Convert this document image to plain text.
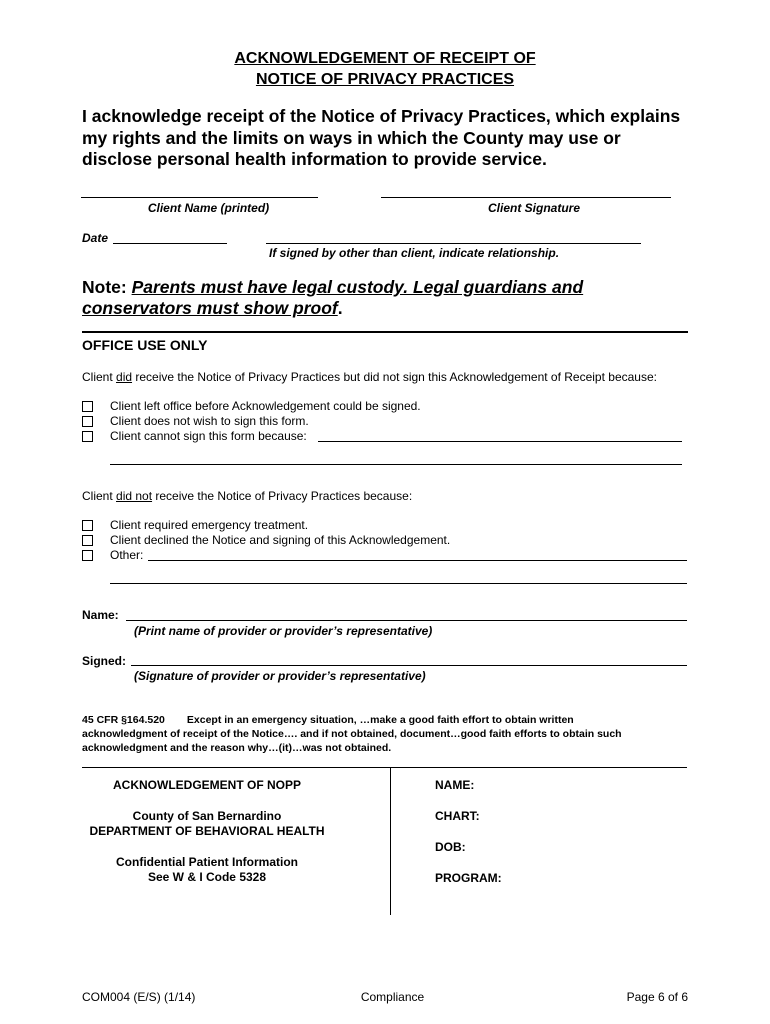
ACKNOWLEDGEMENT OF RECEIPT OF
NOTICE OF PRIVACY PRACTICES
I acknowledge receipt of the Notice of Privacy Practices, which explains
my rights and the limits on ways in which the County may use or
disclose personal health information to provide service.
Client Name (printed)	Client Signature
Date
If signed by other than client, indicate relationship.
Note: Parents must have legal custody. Legal guardians and
conservators must show proof.
OFFICE USE ONLY
Client did receive the Notice of Privacy Practices but did not sign this Acknowledgement of Receipt because:
Client left office before Acknowledgement could be signed.
Client does not wish to sign this form.
Client cannot sign this form because:
Client did not receive the Notice of Privacy Practices because:
Client required emergency treatment.
Client declined the Notice and signing of this Acknowledgement.
Other:
Name:
(Print name of provider or provider’s representative)
Signed:
(Signature of provider or provider’s representative)
45 CFR §164.520 Except in an emergency situation, …make a good faith effort to obtain written
acknowledgment of receipt of the Notice…. and if not obtained, document…good faith efforts to obtain such
acknowledgment and the reason why…(it)…was not obtained.
ACKNOWLEDGEMENT OF NOPP
County of San Bernardino
DEPARTMENT OF BEHAVIORAL HEALTH
Confidential Patient Information
See W & I Code 5328
NAME:
CHART:
DOB:
PROGRAM:
COM004 (E/S) (1/14)	Compliance	Page 6 of 6
